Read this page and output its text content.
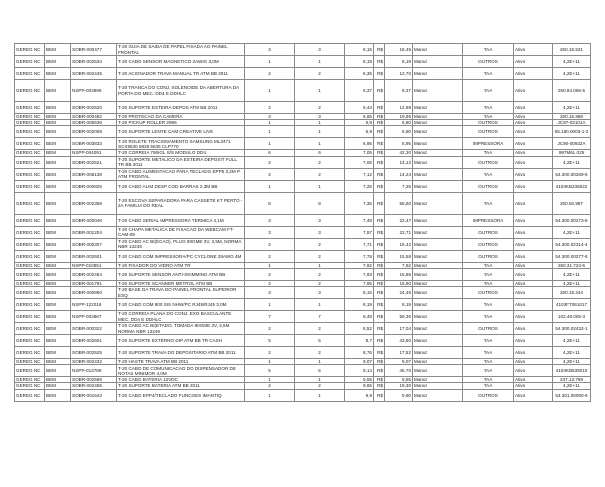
GEREG NC	BEM	SOBR-000477	T-20 GUIA DE SAIDA DE PAPEL FIXADA AO PAINEL FRONTAL	3	3	6,15	R$	18,45	Manut	TAA	Ativo	260.15.531
GEREG NC	BEM	SOBR-002534	T-20 CABO SENSOR MAGNETICO 2AWIG 3,0M	1	1	6,19	R$	6,19	Manut	OUTROS	Ativo	4,2E+11
GEREG NC	BEM	SOBR-002445	T-20 ACIONADOR TRAVA MANUAL TR ATM BB 2011	2	2	6,35	R$	12,70	Manut	TAA	Ativo	4,2E+11
GEREG NC	BEM	NSPP-003899	T-20 TRANCA DO CONJ. SOLENOIDE DA ABERTURA DA PORTA DO MEC. DD4 E DDHLC	1	1	6,37	R$	6,37	Manut	TAA	Ativo	260.84.066-5
GEREG NC	BEM	SOBR-002520	T-20 SUPORTE ESTEIRA DEPOS ATM BB 2011	2	2	6,44	R$	12,88	Manut	TAA	Ativo	4,2E+11
GEREG NC	BEM	SOBR-000482	T-20 PROTECAO DA CAMERA	3	3	6,65	R$	19,95	Manut	TAA	Ativo	260.15.988
GEREG NC	BEM	SOBR-005636	T-20 PICKUP ROLLER 2996	1	1	6,8	R$	6,80	Manut	OUTROS	Ativo	JC97-03101A
GEREG NC	BEM	SOBR-002008	T-20 SUPORTE LENTE CAM CREATIVE LIVE	1	1	6,9	R$	6,90	Manut	OUTROS	Ativo	65.180.0003-1-2
GEREG NC	BEM	SOBR-003833	T-20 ROLETE TRACIONAMENTO SAMSUNG ML3471 SCX5530 5835 5635 CLP770	1	1	6,95	R$	6,95	Manut	IMPRESSORA	Ativo	JC90-00932A
GEREG NC	BEM	NSPP-004091	T-20 CORREIA 786IGL S/S MODULO DD4	6	6	7,05	R$	42,30	Manut	TAA	Ativo	997M6L 025
GEREG NC	BEM	SOBR-002521	T-20 SUPORTE METALICO DA ESTEIRA DEPOSIT FULL TR BB 2011	2	2	7,06	R$	14,12	Manut	OUTROS	Ativo	4,2E+11
GEREG NC	BEM	SOBR-006138	T-20 CABO ALIMENTACAO PARA TECLADO EPP5 3,2M P ATM FRONTAL	2	2	7,12	R$	14,24	Manut	TAA	Ativo	54.300.00269-6
GEREG NC	BEM	SOBR-000825	T-20 CABO ALIM DESP COD BARRAS 2,3M BB	1	1	7,25	R$	7,25	Manut	OUTROS	Ativo	4103KB236622
GEREG NC	BEM	SOBR-002358	T-20 ESCOVA SEPARADORA PARA CASSETE KT PERTO - 2A FAMILIA DO REAL	8	8	7,35	R$	58,80	Manut	TAA	Ativo	260.50.987
GEREG NC	BEM	SOBR-000048	T-20 CABO SERIAL IMPRESSORA TERMICA 4,1M	3	3	7,49	R$	22,47	Manut	IMPRESSORA	Ativo	54.300.00273-8
GEREG NC	BEM	SOBR-001204	T-20 CHAPA METALICA DE FIXACAO DA WEBCAM FT-CAM-09	3	3	7,57	R$	22,71	Manut	OUTROS	Ativo	4,2E+11
GEREG NC	BEM	SOBR-000307	T-20 CABO AC BI(ECAO), PLUG 90GME 3V, 3,5M, NORMA NBR 13249	2	2	7,71	R$	15,42	Manut	OUTROS	Ativo	54.300.02314-4
GEREG NC	BEM	SOBR-002601	T-20 CABO COM IMPRESSORA/PC CYCLONE 28AWG 4M	2	2	7,78	R$	15,58	Manut	OUTROS	Ativo	54.300.00277-6
GEREG NC	BEM	NSPP-010851	T-20 FIXADOR DO VIDRO ATM TR	1	1	7,92	R$	7,92	Manut	TAA	Ativo	260.31.724-5
GEREG NC	BEM	SOBR-002454	T-20 SUPORTE SENSOR ANTI-SKIMMING ATM BB	2	2	7,93	R$	15,86	Manut	TAA	Ativo	4,2E+11
GEREG NC	BEM	SOBR-001791	T-20 SUPORTE SCANNER METROL ATM BB	2	2	7,95	R$	15,90	Manut	TAA	Ativo	4,2E+11
GEREG NC	BEM	SOBR-000860	T-20 BASE DA TRAVA DO PAINEL FRONTAL SUPERIOR ESQ	3	3	8,15	R$	24,45	Manut	OUTROS	Ativo	260.15.244
GEREG NC	BEM	NSPP-122016	T-20 CABO COM 800 SIS NHW/PC RJ45/RJ45 3,0M	1	1	8,19	R$	8,19	Manut	TAA	Ativo	4103FT061017
GEREG NC	BEM	NSPP-003867	T-20 CORREIA PLANA DO CONJ. EXO BASCULANTE MEC. DD4 E DDHLC	7	7	8,48	R$	59,36	Manut	TAA	Ativo	102.49.005-3
GEREG NC	BEM	SOBR-000322	T-20 CABO AC BI(ETADO, TOMADA 90GME 3V, 3,5M NORMA NBR 13249	2	2	8,52	R$	17,04	Manut	OUTROS	Ativo	54.300.02432-1
GEREG NC	BEM	SOBR-002601	T-20 SUPORTE EXTERNO DIP ATM BB TR CASH	5	5	8,7	R$	43,50	Manut	TAA	Ativo	4,2E+11
GEREG NC	BEM	SOBR-002525	T-20 SUPORTE TRAVA DO DEPOSITARIO ATM BB 2011	2	2	8,76	R$	17,52	Manut	TAA	Ativo	4,2E+11
GEREG NC	BEM	SOBR-002432	T-20 HASTE TRAVA ATM BB 2011	1	1	9,07	R$	9,07	Manut	TAA	Ativo	4,2E+11
GEREG NC	BEM	NSPP-013789	T-20 CABO DE COMUNICACAO DO DISPENSADOR DE NOTAS MINIMOR 4,0M	5	5	9,14	R$	45,70	Manut	TAA	Ativo	4103KB538010
GEREG NC	BEM	SOBR-002569	T-20 CABO BATERIA 12VDC	1	1	9,55	R$	9,55	Manut	TAA	Ativo	237.13.769
GEREG NC	BEM	SOBR-002455	T-20 SUPORTE BATERIA ATM BB 2011	2	2	9,65	R$	19,30	Manut	TAA	Ativo	4,2E+11
GEREG NC	BEM	SOBR-001643	T-20 CABO EPP4/TECLADO FUNCOES IMANTIQ	1	1	9,9	R$	9,90	Manut	OUTROS	Ativo	54.301.00090-6
